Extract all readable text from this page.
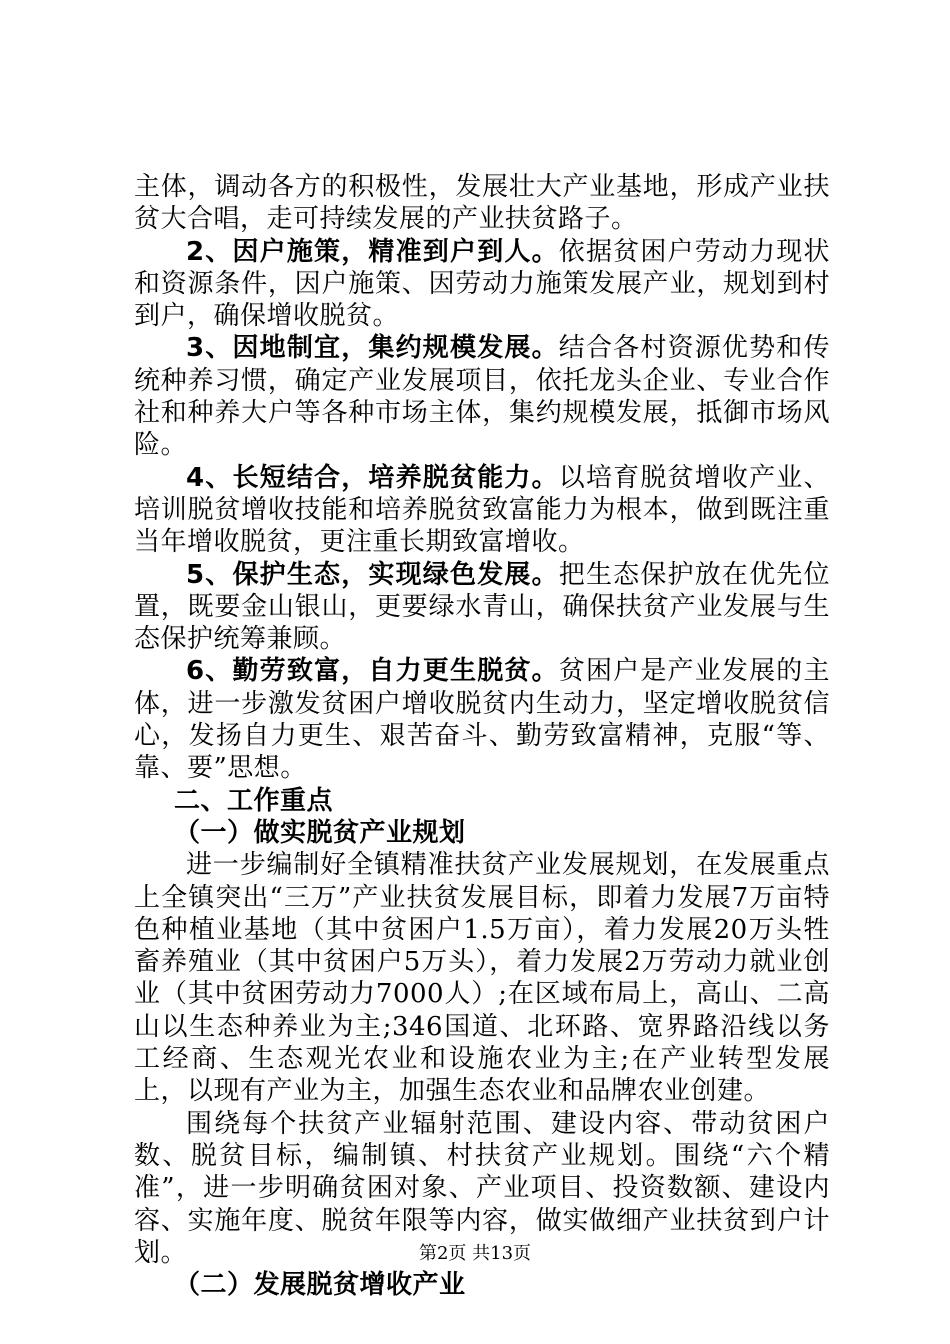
主体，调动各方的积极性，发展壮大产业基地，形成产业扶贫大合唱，走可持续发展的产业扶贫路子。

2、因户施策，精准到户到人。依据贫困户劳动力现状和资源条件，因户施策、因劳动力施策发展产业，规划到村到户，确保增收脱贫。

3、因地制宜，集约规模发展。结合各村资源优势和传统种养习惯，确定产业发展项目，依托龙头企业、专业合作社和种养大户等各种市场主体，集约规模发展，抵御市场风险。

4、长短结合，培养脱贫能力。以培育脱贫增收产业、培训脱贫增收技能和培养脱贫致富能力为根本，做到既注重当年增收脱贫，更注重长期致富增收。

5、保护生态，实现绿色发展。把生态保护放在优先位置，既要金山银山，更要绿水青山，确保扶贫产业发展与生态保护统筹兼顾。

6、勤劳致富，自力更生脱贫。贫困户是产业发展的主体，进一步激发贫困户增收脱贫内生动力，坚定增收脱贫信心，发扬自力更生、艰苦奋斗、勤劳致富精神，克服“等、靠、要”思想。

二、工作重点

（一）做实脱贫产业规划

进一步编制好全镇精准扶贫产业发展规划，在发展重点上全镇突出“三万”产业扶贫发展目标，即着力发展7万亩特色种植业基地（其中贫困户1.5万亩），着力发展20万头牲畜养殖业（其中贫困户5万头），着力发展2万劳动力就业创业（其中贫困劳动力7000人）;在区域布局上，高山、二高山以生态种养业为主;346国道、北环路、宽界路沿线以务工经商、生态观光农业和设施农业为主;在产业转型发展上，以现有产业为主，加强生态农业和品牌农业创建。

围绕每个扶贫产业辐射范围、建设内容、带动贫困户数、脱贫目标，编制镇、村扶贫产业规划。围绕“六个精准”，进一步明确贫困对象、产业项目、投资数额、建设内容、实施年度、脱贫年限等内容，做实做细产业扶贫到户计划。

（二）发展脱贫增收产业

第2页 共13页
